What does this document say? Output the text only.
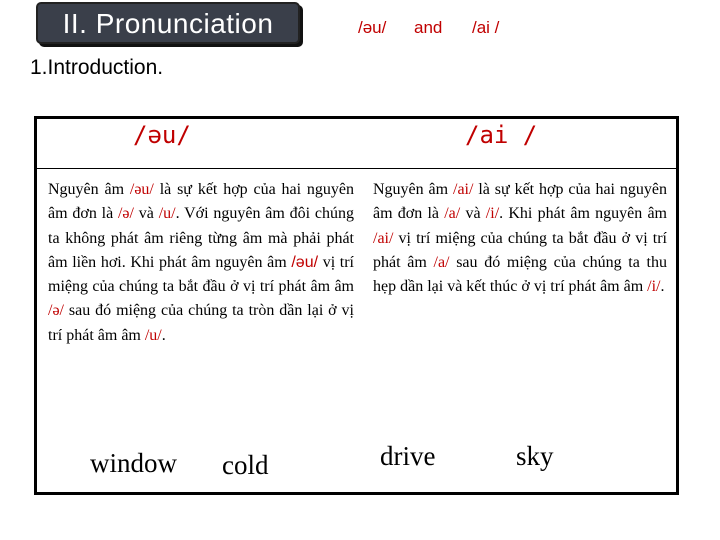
II. Pronunciation	/əu/ and /ai /
1.Introduction.
/əu/	/ai /

Nguyên âm /əu/ là sự kết hợp của hai nguyên âm đơn là /ə/ và /u/. Với nguyên âm đôi chúng ta không phát âm riêng từng âm mà phải phát âm liền hơi. Khi phát âm nguyên âm /əu/ vị trí miệng của chúng ta bắt đầu ở vị trí phát âm âm /ə/ sau đó miệng của chúng ta tròn dần lại ở vị trí phát âm âm /u/.

Nguyên âm /ai/ là sự kết hợp của hai nguyên âm đơn là /a/ và /i/. Khi phát âm nguyên âm /ai/ vị trí miệng của chúng ta bắt đầu ở vị trí phát âm /a/ sau đó miệng của chúng ta thu hẹp dần lại và kết thúc ở vị trí phát âm âm /i/.

window cold	drive	sky
